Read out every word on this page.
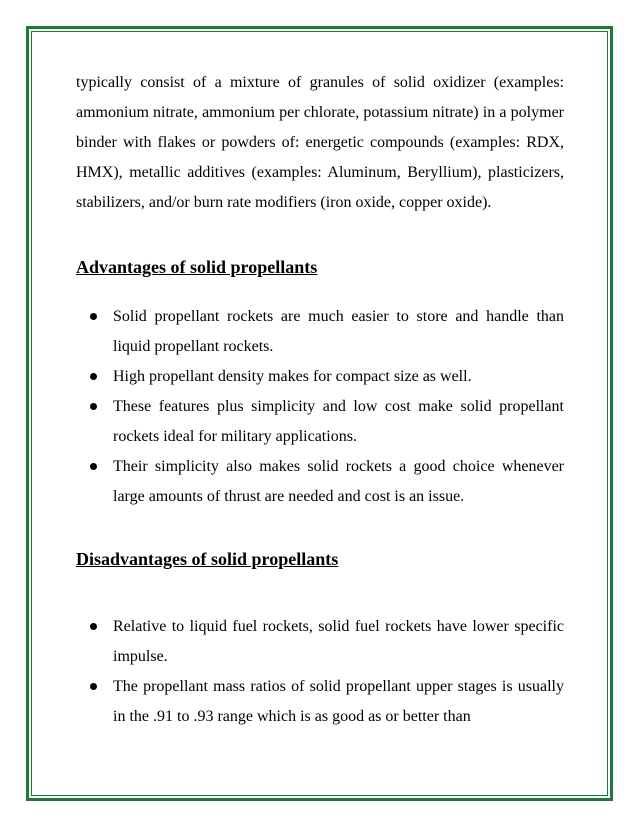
typically consist of a mixture of granules of solid oxidizer (examples: ammonium nitrate, ammonium per chlorate, potassium nitrate) in a polymer binder with flakes or powders of: energetic compounds (examples: RDX, HMX), metallic additives (examples: Aluminum, Beryllium), plasticizers, stabilizers, and/or burn rate modifiers (iron oxide, copper oxide).

Advantages of solid propellants
Solid propellant rockets are much easier to store and handle than liquid propellant rockets.
High propellant density makes for compact size as well.
These features plus simplicity and low cost make solid propellant rockets ideal for military applications.
Their simplicity also makes solid rockets a good choice whenever large amounts of thrust are needed and cost is an issue.
Disadvantages of solid propellants
Relative to liquid fuel rockets, solid fuel rockets have lower specific impulse.
The propellant mass ratios of solid propellant upper stages is usually in the .91 to .93 range which is as good as or better than
